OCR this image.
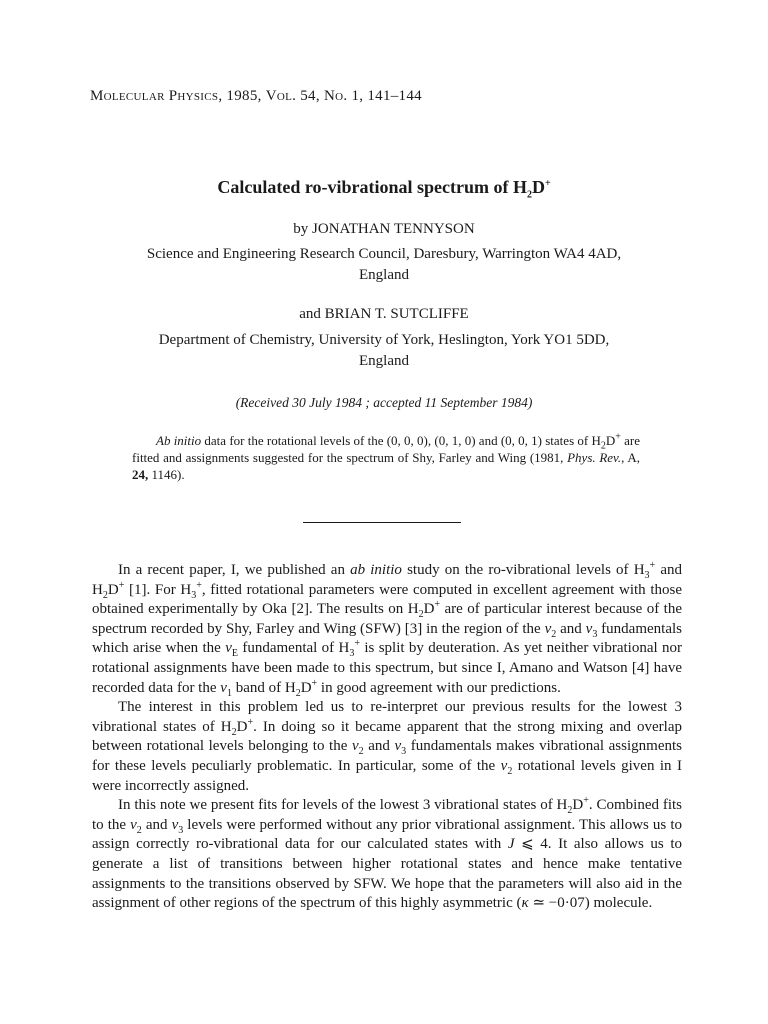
Molecular Physics, 1985, Vol. 54, No. 1, 141–144
Calculated ro-vibrational spectrum of $H_2D^+$
by JONATHAN TENNYSON
Science and Engineering Research Council, Daresbury, Warrington WA4 4AD,
England
and BRIAN T. SUTCLIFFE
Department of Chemistry, University of York, Heslington, York YO1 5DD,
England
(Received 30 July 1984 ; accepted 11 September 1984)

Ab initio data for the rotational levels of the (0, 0, 0), (0, 1, 0) and (0, 0, 1) states of $H_2D^+$ are fitted and assignments suggested for the spectrum of Shy, Farley and Wing (1981, Phys. Rev., A, 24, 1146).

In a recent paper, I, we published an ab initio study on the ro-vibrational levels of $H_3^+$ and $H_2D^+$ [1]. For $H_3^+$, fitted rotational parameters were computed in excellent agreement with those obtained experimentally by Oka [2]. The results on $H_2D^+$ are of particular interest because of the spectrum recorded by Shy, Farley and Wing (SFW) [3] in the region of the $\nu_2$ and $\nu_3$ fundamentals which arise when the $\nu_E$ fundamental of $H_3^+$ is split by deuteration. As yet neither vibrational nor rotational assignments have been made to this spectrum, but since I, Amano and Watson [4] have recorded data for the $\nu_1$ band of $H_2D^+$ in good agreement with our predictions.

The interest in this problem led us to re-interpret our previous results for the lowest 3 vibrational states of $H_2D^+$. In doing so it became apparent that the strong mixing and overlap between rotational levels belonging to the $\nu_2$ and $\nu_3$ fundamentals makes vibrational assignments for these levels peculiarly problematic. In particular, some of the $\nu_2$ rotational levels given in I were incorrectly assigned.

In this note we present fits for levels of the lowest 3 vibrational states of $H_2D^+$. Combined fits to the $\nu_2$ and $\nu_3$ levels were performed without any prior vibrational assignment. This allows us to assign correctly ro-vibrational data for our calculated states with J ⩽ 4. It also allows us to generate a list of transitions between higher rotational states and hence make tentative assignments to the transitions observed by SFW. We hope that the parameters will also aid in the assignment of other regions of the spectrum of this highly asymmetric (κ ≃ −0·07) molecule.
